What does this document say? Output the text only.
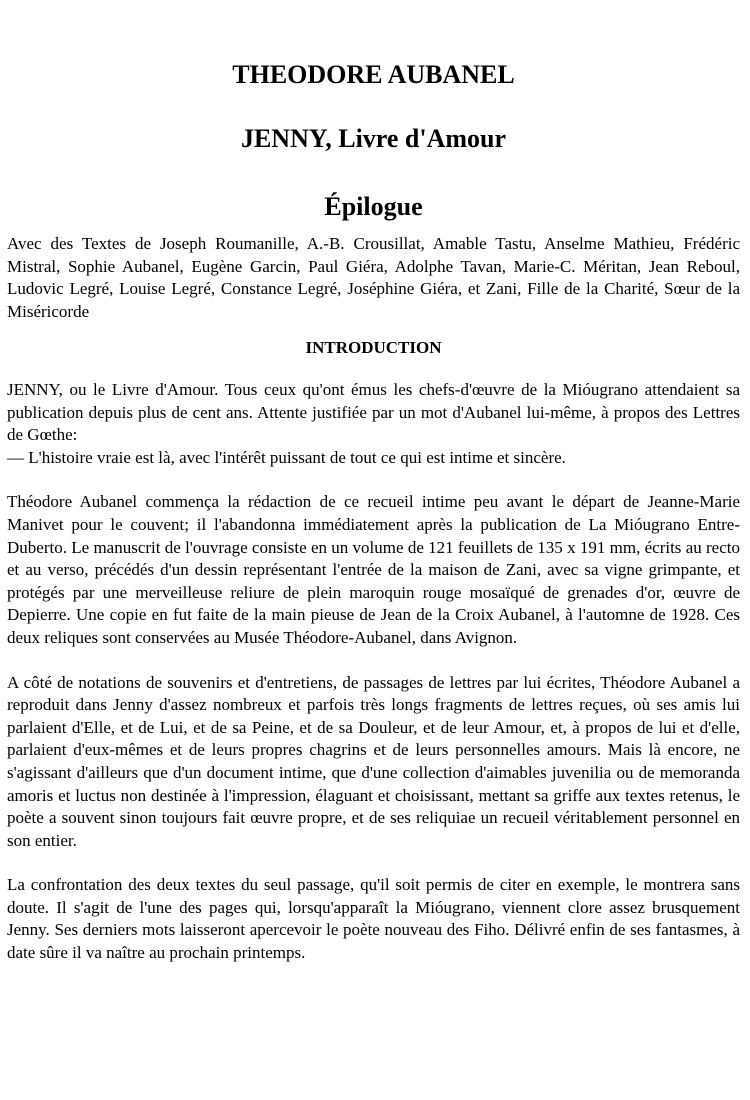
THEODORE AUBANEL
JENNY, Livre d'Amour
Épilogue

Avec des Textes de Joseph Roumanille, A.-B. Crousillat, Amable Tastu, Anselme Mathieu, Frédéric Mistral, Sophie Aubanel, Eugène Garcin, Paul Giéra, Adolphe Tavan, Marie-C. Méritan, Jean Reboul, Ludovic Legré, Louise Legré, Constance Legré, Joséphine Giéra, et Zani, Fille de la Charité, Sœur de la Miséricorde

INTRODUCTION
JENNY, ou le Livre d'Amour. Tous ceux qu'ont émus les chefs-d'œuvre de la Mióugrano attendaient sa publication depuis plus de cent ans. Attente justifiée par un mot d'Aubanel lui-même, à propos des Lettres de Gœthe:
— L'histoire vraie est là, avec l'intérêt puissant de tout ce qui est intime et sincère.

Théodore Aubanel commença la rédaction de ce recueil intime peu avant le départ de Jeanne-Marie Manivet pour le couvent; il l'abandonna immédiatement après la publication de La Mióugrano Entre-Duberto. Le manuscrit de l'ouvrage consiste en un volume de 121 feuillets de 135 x 191 mm, écrits au recto et au verso, précédés d'un dessin représentant l'entrée de la maison de Zani, avec sa vigne grimpante, et protégés par une merveilleuse reliure de plein maroquin rouge mosaïqué de grenades d'or, œuvre de Depierre. Une copie en fut faite de la main pieuse de Jean de la Croix Aubanel, à l'automne de 1928. Ces deux reliques sont conservées au Musée Théodore-Aubanel, dans Avignon.

A côté de notations de souvenirs et d'entretiens, de passages de lettres par lui écrites, Théodore Aubanel a reproduit dans Jenny d'assez nombreux et parfois très longs fragments de lettres reçues, où ses amis lui parlaient d'Elle, et de Lui, et de sa Peine, et de sa Douleur, et de leur Amour, et, à propos de lui et d'elle, parlaient d'eux-mêmes et de leurs propres chagrins et de leurs personnelles amours. Mais là encore, ne s'agissant d'ailleurs que d'un document intime, que d'une collection d'aimables juvenilia ou de memoranda amoris et luctus non destinée à l'impression, élaguant et choisissant, mettant sa griffe aux textes retenus, le poète a souvent sinon toujours fait œuvre propre, et de ses reliquiae un recueil véritablement personnel en son entier.

La confrontation des deux textes du seul passage, qu'il soit permis de citer en exemple, le montrera sans doute. Il s'agit de l'une des pages qui, lorsqu'apparaît la Mióugrano, viennent clore assez brusquement Jenny. Ses derniers mots laisseront apercevoir le poète nouveau des Fiho. Délivré enfin de ses fantasmes, à date sûre il va naître au prochain printemps.
